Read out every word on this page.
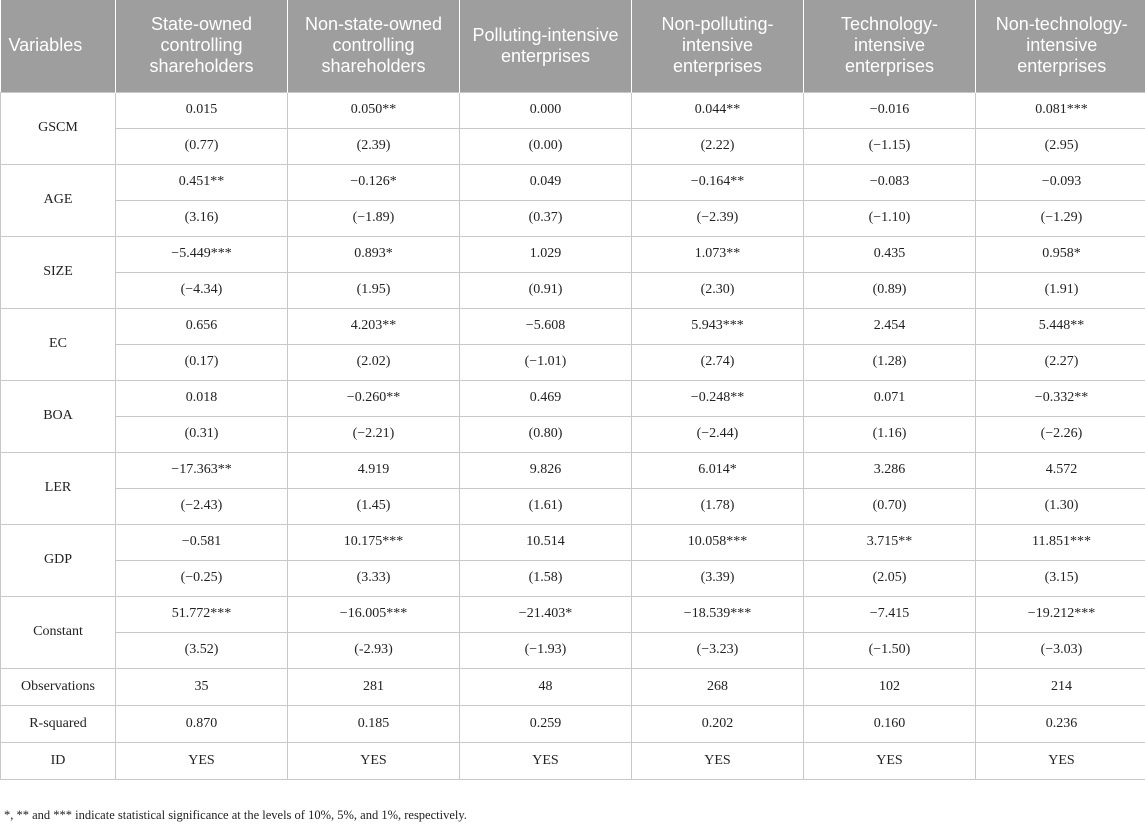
Variables	State-owned controlling shareholders	Non-state-owned controlling shareholders	Polluting-intensive enterprises	Non-polluting-intensive enterprises	Technology-intensive enterprises	Non-technology-intensive enterprises
GSCM	0.015	0.050**	0.000	0.044**	−0.016	0.081***
	(0.77)	(2.39)	(0.00)	(2.22)	(−1.15)	(2.95)
AGE	0.451**	−0.126*	0.049	−0.164**	−0.083	−0.093
	(3.16)	(−1.89)	(0.37)	(−2.39)	(−1.10)	(−1.29)
SIZE	−5.449***	0.893*	1.029	1.073**	0.435	0.958*
	(−4.34)	(1.95)	(0.91)	(2.30)	(0.89)	(1.91)
EC	0.656	4.203**	−5.608	5.943***	2.454	5.448**
	(0.17)	(2.02)	(−1.01)	(2.74)	(1.28)	(2.27)
BOA	0.018	−0.260**	0.469	−0.248**	0.071	−0.332**
	(0.31)	(−2.21)	(0.80)	(−2.44)	(1.16)	(−2.26)
LER	−17.363**	4.919	9.826	6.014*	3.286	4.572
	(−2.43)	(1.45)	(1.61)	(1.78)	(0.70)	(1.30)
GDP	−0.581	10.175***	10.514	10.058***	3.715**	11.851***
	(−0.25)	(3.33)	(1.58)	(3.39)	(2.05)	(3.15)
Constant	51.772***	−16.005***	−21.403*	−18.539***	−7.415	−19.212***
	(3.52)	(-2.93)	(−1.93)	(−3.23)	(−1.50)	(−3.03)
Observations	35	281	48	268	102	214
R-squared	0.870	0.185	0.259	0.202	0.160	0.236
ID	YES	YES	YES	YES	YES	YES

*, ** and *** indicate statistical significance at the levels of 10%, 5%, and 1%, respectively.
